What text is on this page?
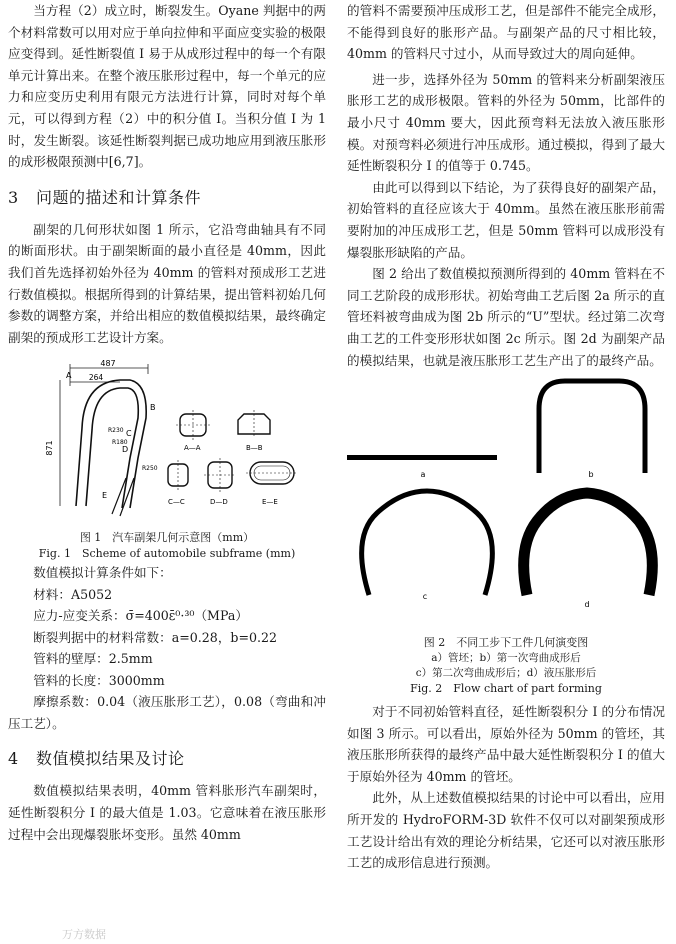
当方程（2）成立时，断裂发生。Oyane 判据中的两个材料常数可以用对应于单向拉伸和平面应变实验的极限应变得到。延性断裂值 I 易于从成形过程中的每一个有限单元计算出来。在整个液压胀形过程中，每一个单元的应力和应变历史利用有限元方法进行计算，同时对每个单元，可以得到方程（2）中的积分值 I。当积分值 I 为 1 时，发生断裂。该延性断裂判据已成功地应用到液压胀形的成形极限预测中[6,7]。

3 问题的描述和计算条件

副架的几何形状如图 1 所示，它沿弯曲轴具有不同的断面形状。由于副架断面的最小直径是 40mm，因此我们首先选择初始外径为 40mm 的管料对预成形工艺进行数值模拟。根据所得到的计算结果，提出管料初始几何参数的调整方案，并给出相应的数值模拟结果，最终确定副架的预成形工艺设计方案。

487
264
871
A
B
C
D
E
R230
R180
R250
A—A	B—B
C—C	D—D	E—E
图 1　汽车副架几何示意图（mm）
Fig. 1　Scheme of automobile subframe (mm)

数值模拟计算条件如下：

材料：A5052

应力-应变关系：σ̄=400ε̄⁰·³⁰（MPa）

断裂判据中的材料常数：a=0.28，b=0.22

管料的壁厚：2.5mm

管料的长度：3000mm

摩擦系数：0.04（液压胀形工艺），0.08（弯曲和冲压工艺）。

4 数值模拟结果及讨论

数值模拟结果表明，40mm 管料胀形汽车副架时，延性断裂积分 I 的最大值是 1.03。它意味着在液压胀形过程中会出现爆裂胀坏变形。虽然 40mm

的管料不需要预冲压成形工艺，但是部件不能完全成形，不能得到良好的胀形产品。与副架产品的尺寸相比较，40mm 的管料尺寸过小，从而导致过大的周向延伸。

进一步，选择外径为 50mm 的管料来分析副架液压胀形工艺的成形极限。管料的外径为 50mm，比部件的最小尺寸 40mm 要大，因此预弯料无法放入液压胀形模。对预弯料必须进行冲压成形。通过模拟，得到了最大延性断裂积分 I 的值等于 0.745。

由此可以得到以下结论，为了获得良好的副架产品，初始管料的直径应该大于 40mm。虽然在液压胀形前需要附加的冲压成形工艺，但是 50mm 管料可以成形没有爆裂胀形缺陷的产品。

图 2 给出了数值模拟预测所得到的 40mm 管料在不同工艺阶段的成形形状。初始弯曲工艺后图 2a 所示的直管坯料被弯曲成为图 2b 所示的“U”型状。经过第二次弯曲工艺的工件变形形状如图 2c 所示。图 2d 为副架产品的模拟结果，也就是液压胀形工艺生产出了的最终产品。

a	b
c
d
图 2　不同工步下工件几何演变图
a）管坯；b）第一次弯曲成形后
c）第二次弯曲成形后；d）液压胀形后
Fig. 2　Flow chart of part forming

对于不同初始管料直径，延性断裂积分 I 的分布情况如图 3 所示。可以看出，原始外径为 50mm 的管坯，其液压胀形所获得的最终产品中最大延性断裂积分 I 的值大于原始外径为 40mm 的管坯。

此外，从上述数值模拟结果的讨论中可以看出，应用所开发的 HydroFORM-3D 软件不仅可以对副架预成形工艺设计给出有效的理论分析结果，它还可以对液压胀形工艺的成形信息进行预测。

万方数据
